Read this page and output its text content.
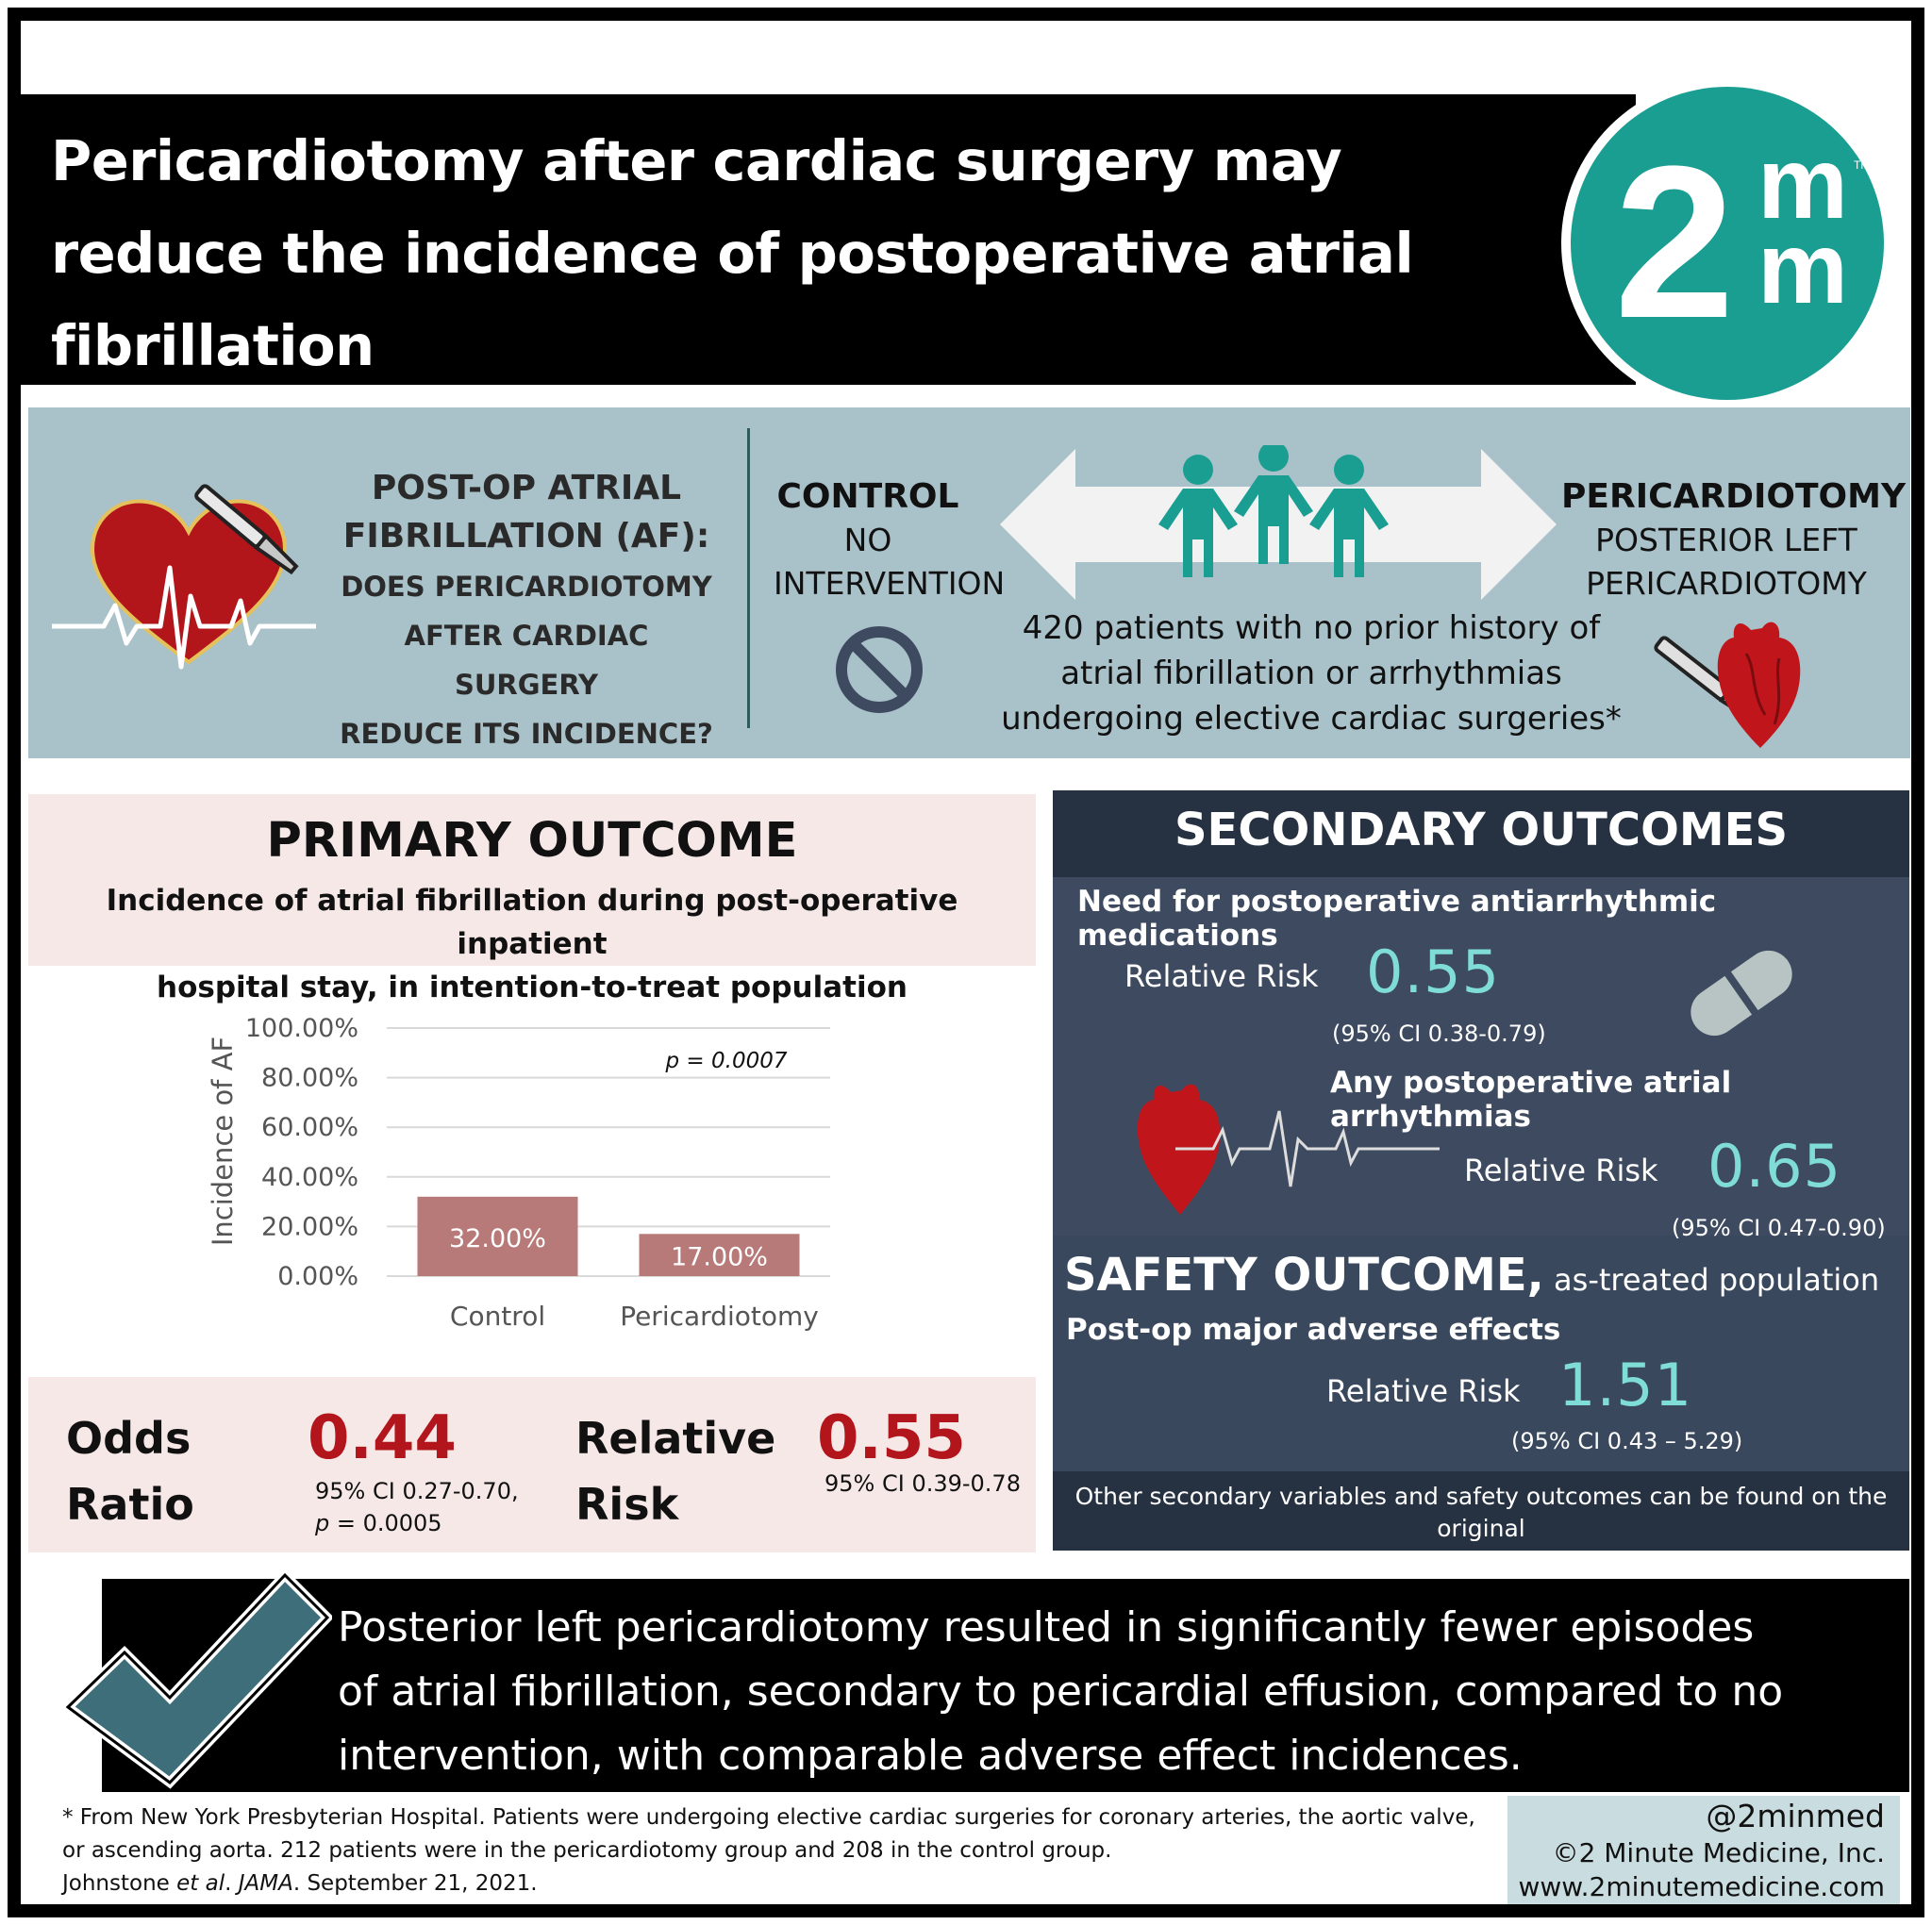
Pericardiotomy after cardiac surgery may
reduce the incidence of postoperative atrial
fibrillation	2 m
m
TM
POST-OP ATRIAL
FIBRILLATION (AF):
DOES PERICARDIOTOMY
AFTER CARDIAC SURGERY
REDUCE ITS INCIDENCE?
CONTROL
NO
INTERVENTION
420 patients with no prior history of
atrial fibrillation or arrhythmias
undergoing elective cardiac surgeries*
PERICARDIOTOMY
POSTERIOR LEFT
PERICARDIOTOMY
PRIMARY OUTCOME
Incidence of atrial fibrillation during post-operative inpatient
hospital stay, in intention-to-treat population
0.00%
20.00%
40.00%
60.00%
80.00%
100.00%
32.00%
17.00%
Control	Pericardiotomy
Incidence of AF	p = 0.0007
Odds
Ratio
0.44
95% CI 0.27-0.70,
p = 0.0005
Relative
Risk
0.55
95% CI 0.39-0.78
SECONDARY OUTCOMES
Need for postoperative antiarrhythmic medications
Relative Risk 0.55
(95% CI 0.38-0.79)
Any postoperative atrial arrhythmias
Relative Risk 0.65
(95% CI 0.47-0.90)
SAFETY OUTCOME, as-treated population
Post-op major adverse effects
Relative Risk 1.51
(95% CI 0.43 – 5.29)
Other secondary variables and safety outcomes can be found on the original
manuscript.
Posterior left pericardiotomy resulted in significantly fewer episodes
of atrial fibrillation, secondary to pericardial effusion, compared to no
intervention, with comparable adverse effect incidences.
* From New York Presbyterian Hospital. Patients were undergoing elective cardiac surgeries for coronary arteries, the aortic valve,
or ascending aorta. 212 patients were in the pericardiotomy group and 208 in the control group.
Johnstone et al. JAMA. September 21, 2021.
@2minmed
©2 Minute Medicine, Inc.
www.2minutemedicine.com
